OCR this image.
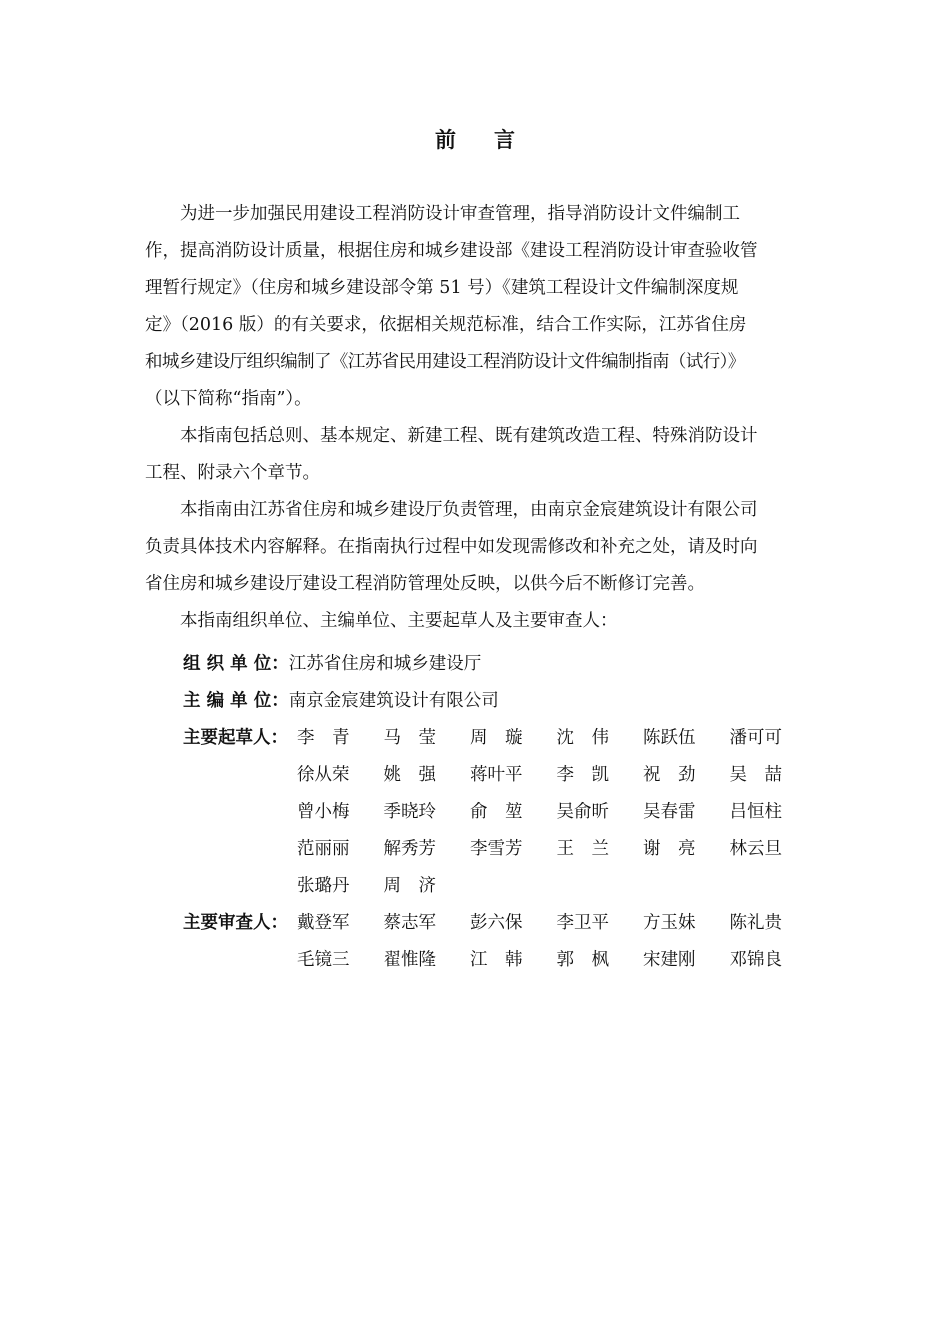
前 言

为进一步加强民用建设工程消防设计审查管理，指导消防设计文件编制工
作，提高消防设计质量，根据住房和城乡建设部《建设工程消防设计审查验收管
理暂行规定》（住房和城乡建设部令第 51 号）《建筑工程设计文件编制深度规
定》（2016 版）的有关要求，依据相关规范标准，结合工作实际，江苏省住房
和城乡建设厅组织编制了《江苏省民用建设工程消防设计文件编制指南（试行）》
（以下简称“指南”）。

本指南包括总则、基本规定、新建工程、既有建筑改造工程、特殊消防设计
工程、附录六个章节。

本指南由江苏省住房和城乡建设厅负责管理，由南京金宸建筑设计有限公司
负责具体技术内容解释。在指南执行过程中如发现需修改和补充之处，请及时向
省住房和城乡建设厅建设工程消防管理处反映，以供今后不断修订完善。

本指南组织单位、主编单位、主要起草人及主要审查人：

组 织 单 位：江苏省住房和城乡建设厅
主 编 单 位：南京金宸建筑设计有限公司
主要起草人： 李　青 马　莹 周　璇 沈　伟 陈跃伍 潘可可
徐从荣 姚　强 蒋叶平 李　凯 祝　劲 吴　喆
曾小梅 季晓玲 俞　堃 吴俞昕 吴春雷 吕恒柱
范丽丽 解秀芳 李雪芳 王　兰 谢　亮 林云旦
张璐丹 周　济
主要审查人： 戴登军 蔡志军 彭六保 李卫平 方玉妹 陈礼贵
毛镜三 翟惟隆 江　韩 郭　枫 宋建刚 邓锦良
